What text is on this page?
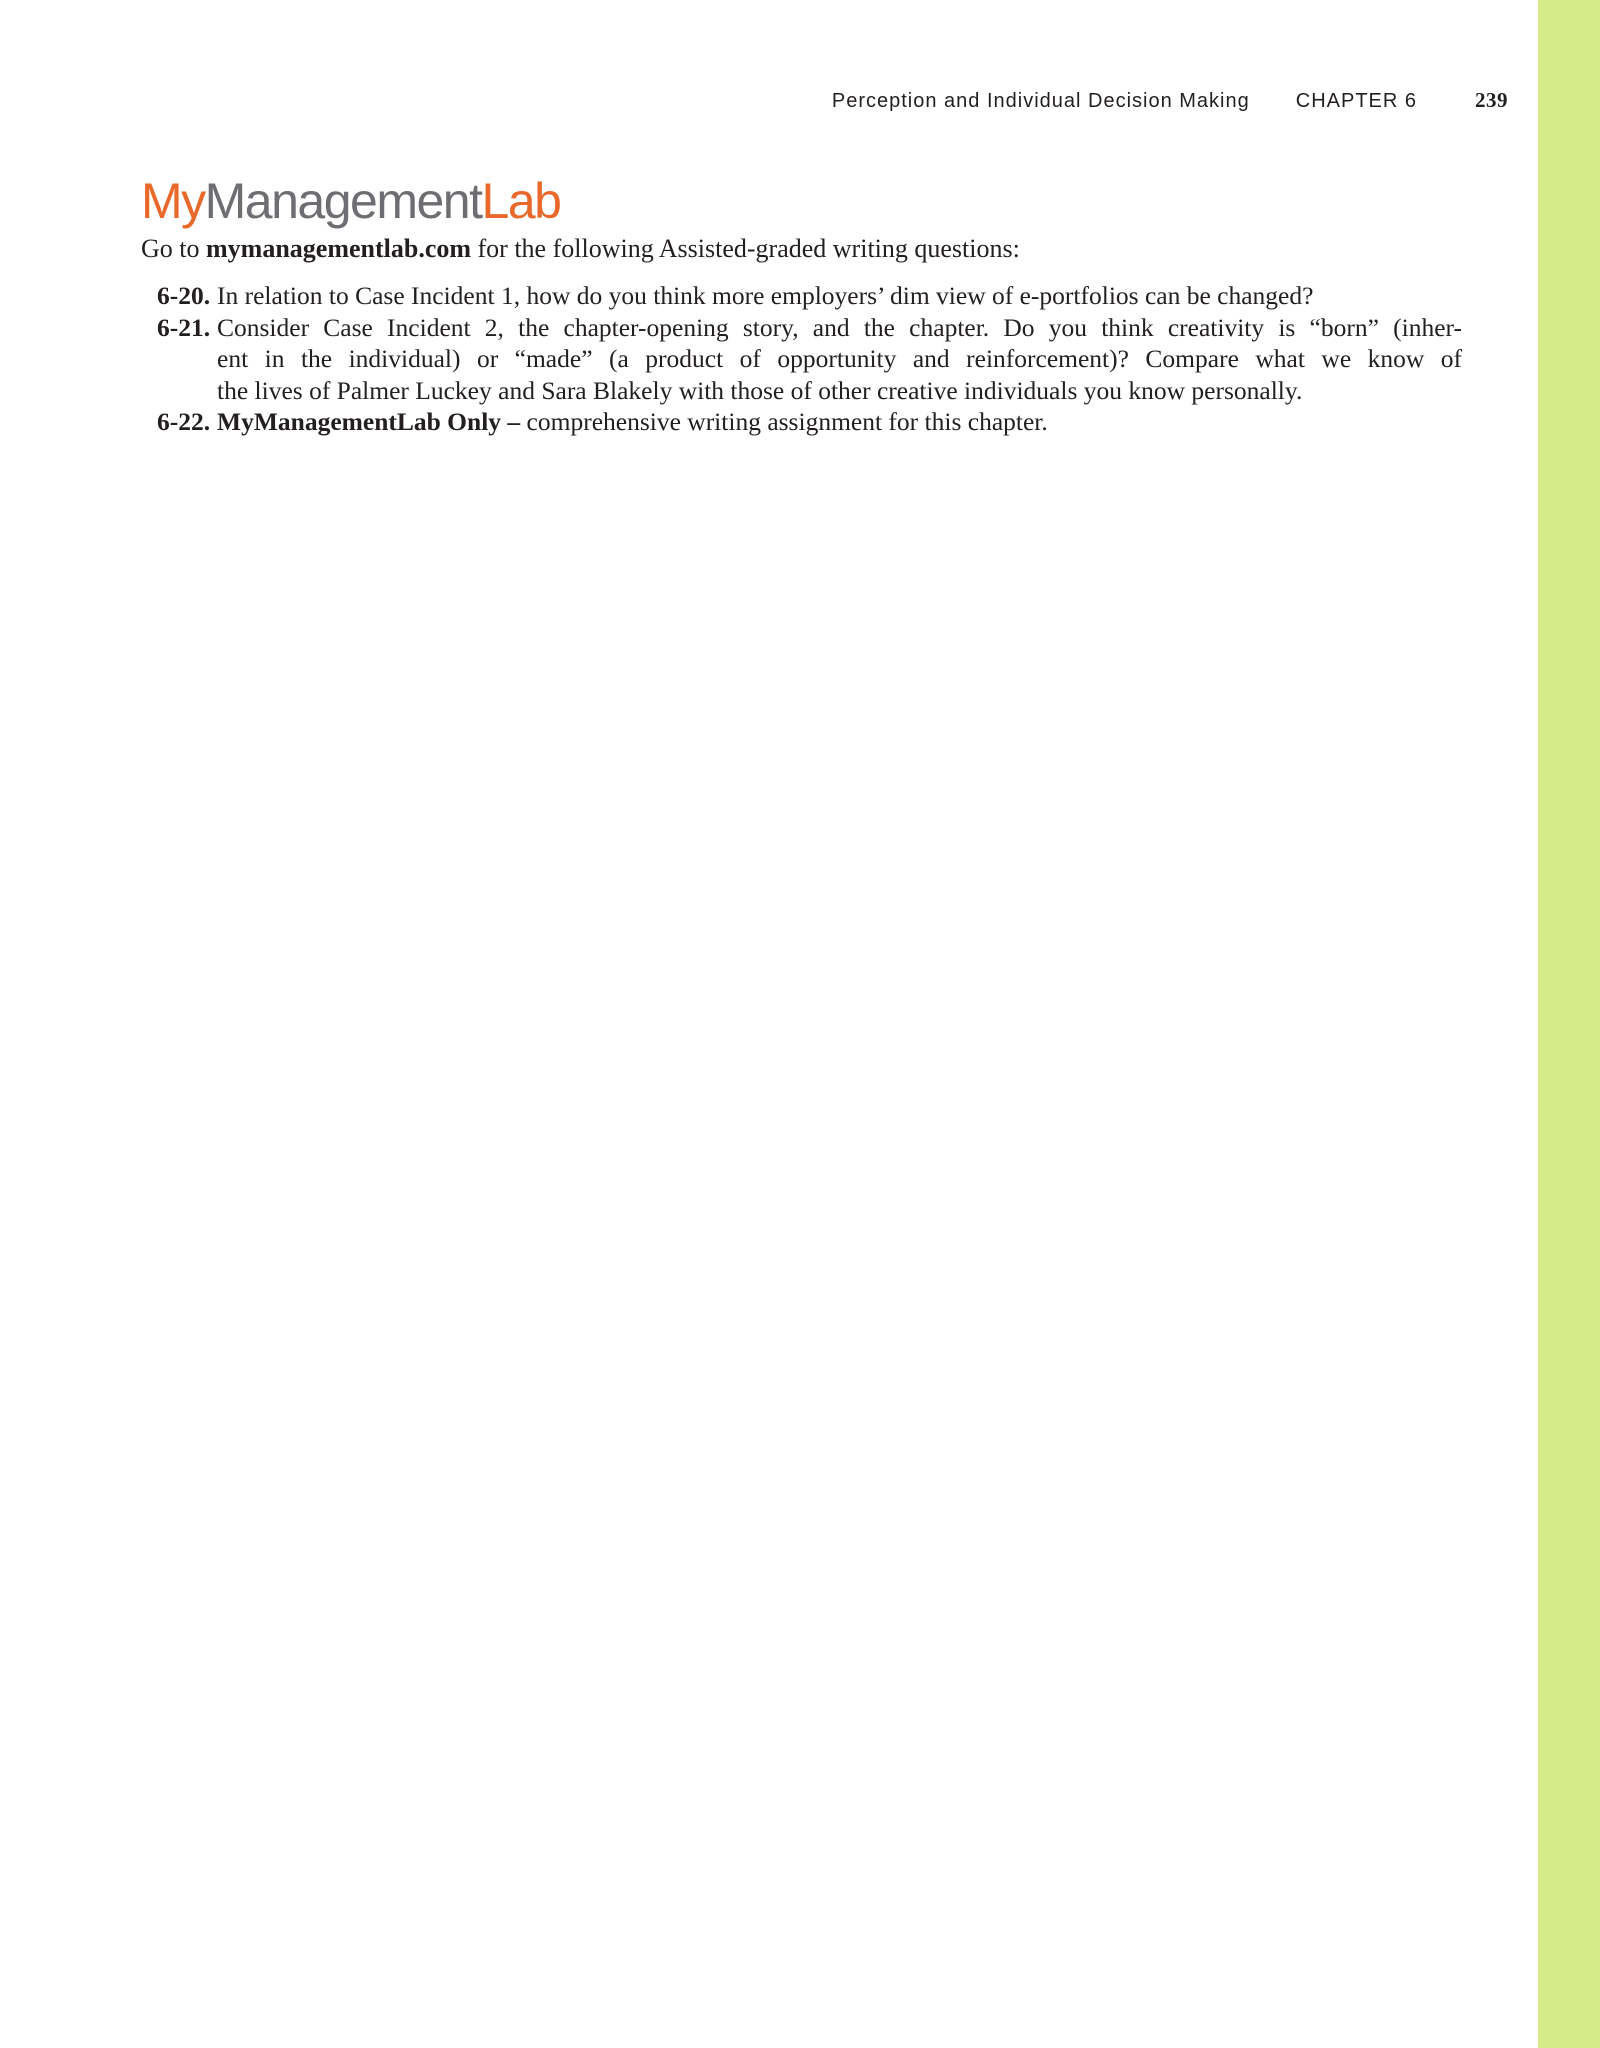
Perception and Individual Decision Making CHAPTER 6	239
MyManagementLab
Go to mymanagementlab.com for the following Assisted-graded writing questions:
6-20. In relation to Case Incident 1, how do you think more employers’ dim view of e-portfolios can be changed?
6-21. Consider Case Incident 2, the chapter-opening story, and the chapter. Do you think creativity is “born” (inher-
ent in the individual) or “made” (a product of opportunity and reinforcement)? Compare what we know of
the lives of Palmer Luckey and Sara Blakely with those of other creative individuals you know personally.
6-22. MyManagementLab Only – comprehensive writing assignment for this chapter.
